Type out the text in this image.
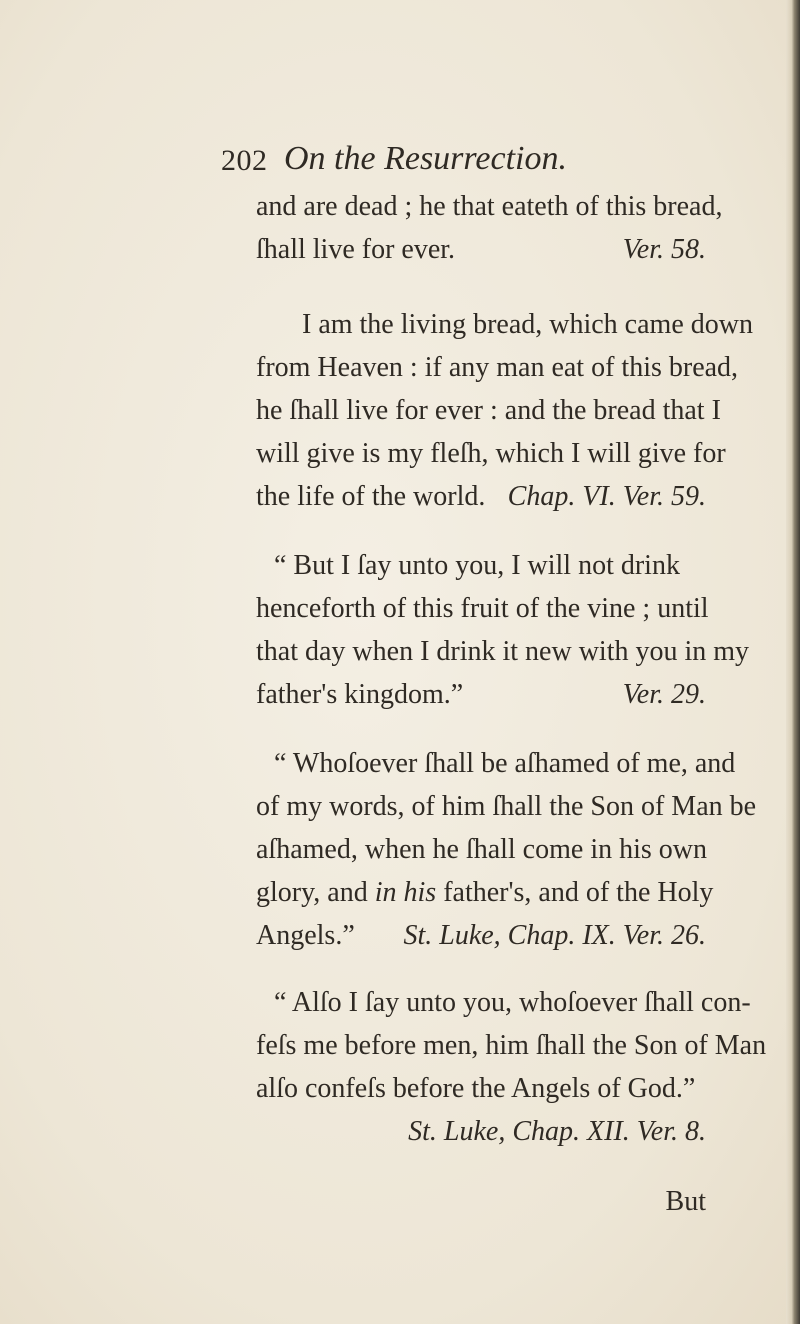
202 On the Resurrection.
and are dead ; he that eateth of this bread,
ſhall live for ever.	Ver. 58.
I am the living bread, which came down
from Heaven : if any man eat of this bread,
he ſhall live for ever : and the bread that I
will give is my fleſh, which I will give for
the life of the world. Chap. VI. Ver. 59.
“ But I ſay unto you, I will not drink
henceforth of this fruit of the vine ; until
that day when I drink it new with you in my
father's kingdom.”	Ver. 29.
“ Whoſoever ſhall be aſhamed of me, and
of my words, of him ſhall the Son of Man be
aſhamed, when he ſhall come in his own
glory, and in his father's, and of the Holy
Angels.” St. Luke, Chap. IX. Ver. 26.
“ Alſo I ſay unto you, whoſoever ſhall con-
feſs me before men, him ſhall the Son of Man
alſo confeſs before the Angels of God.”
St. Luke, Chap. XII. Ver. 8.
But
